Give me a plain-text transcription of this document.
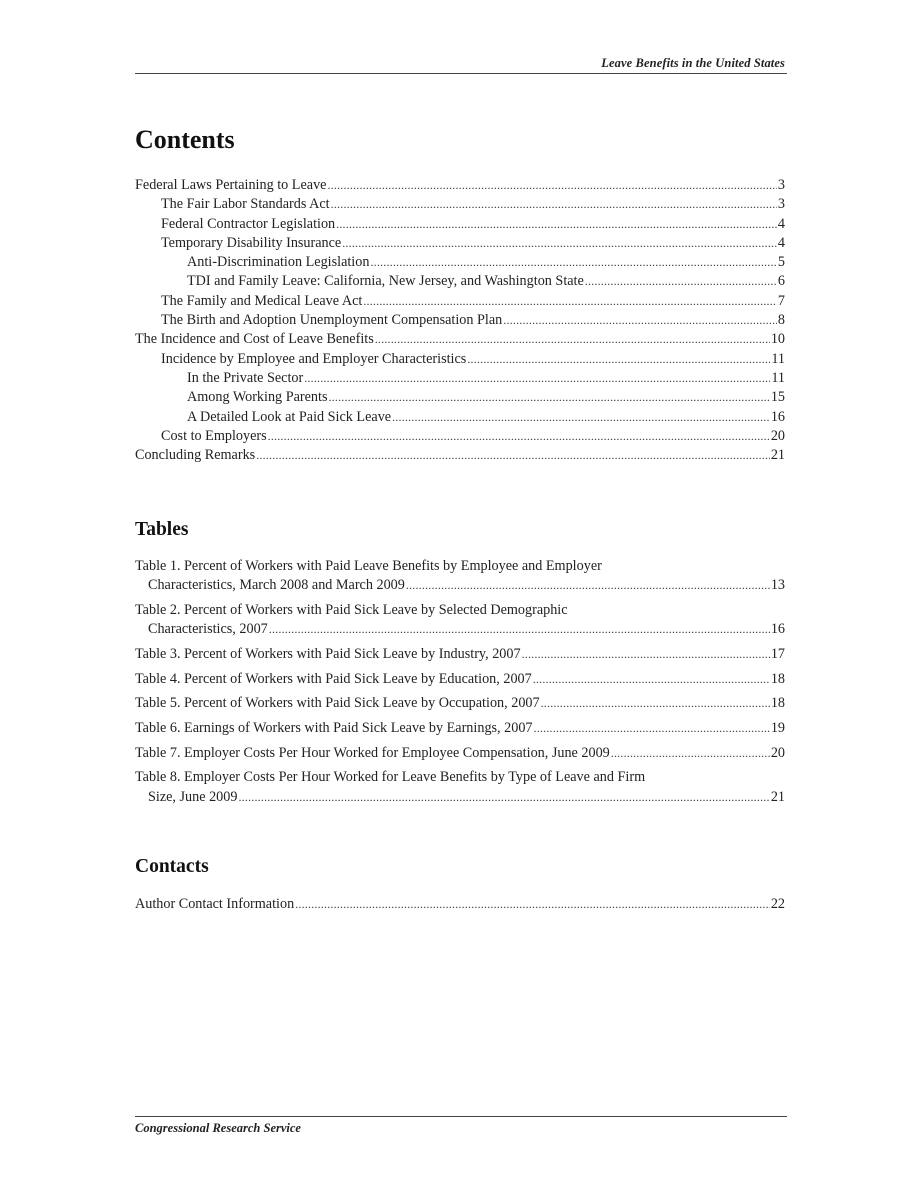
Leave Benefits in the United States
Contents
Federal Laws Pertaining to Leave . . .	3
The Fair Labor Standards Act . . .	3
Federal Contractor Legislation . . .	4
Temporary Disability Insurance . . .	4
Anti-Discrimination Legislation . . .	5
TDI and Family Leave: California, New Jersey, and Washington State . . .	6
The Family and Medical Leave Act . . .	7
The Birth and Adoption Unemployment Compensation Plan . . .	8
The Incidence and Cost of Leave Benefits . . .	10
Incidence by Employee and Employer Characteristics . . .	11
In the Private Sector . . .	11
Among Working Parents . . .	15
A Detailed Look at Paid Sick Leave . . .	16
Cost to Employers . . .	20
Concluding Remarks . . .	21
Tables
Table 1. Percent of Workers with Paid Leave Benefits by Employee and Employer
Characteristics, March 2008 and March 2009 . . .	13
Table 2. Percent of Workers with Paid Sick Leave by Selected Demographic
Characteristics, 2007 . . .	16
Table 3. Percent of Workers with Paid Sick Leave by Industry, 2007 . . .	17
Table 4. Percent of Workers with Paid Sick Leave by Education, 2007 . . .	18
Table 5. Percent of Workers with Paid Sick Leave by Occupation, 2007 . . .	18
Table 6. Earnings of Workers with Paid Sick Leave by Earnings, 2007 . . .	19
Table 7. Employer Costs Per Hour Worked for Employee Compensation, June 2009 . . .	20
Table 8. Employer Costs Per Hour Worked for Leave Benefits by Type of Leave and Firm
Size, June 2009 . . .	21
Contacts
Author Contact Information . . .	22
Congressional Research Service
